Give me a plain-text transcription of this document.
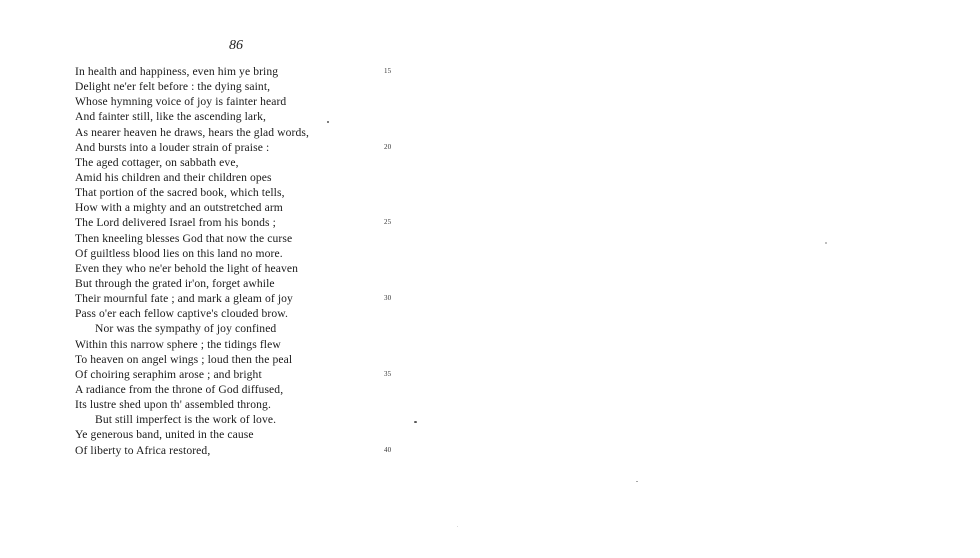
86
In health and happiness, even him ye bring	15
Delight ne'er felt before : the dying saint,
Whose hymning voice of joy is fainter heard
And fainter still, like the ascending lark,
As nearer heaven he draws, hears the glad words,
And bursts into a louder strain of praise :	20
The aged cottager, on sabbath eve,
Amid his children and their children opes
That portion of the sacred book, which tells,
How with a mighty and an outstretched arm
The Lord delivered Israel from his bonds ;	25
Then kneeling blesses God that now the curse
Of guiltless blood lies on this land no more.
Even they who ne'er behold the light of heaven
But through the grated ir'on, forget awhile
Their mournful fate ; and mark a gleam of joy	30
Pass o'er each fellow captive's clouded brow.
Nor was the sympathy of joy confined
Within this narrow sphere ; the tidings flew
To heaven on angel wings ; loud then the peal
Of choiring seraphim arose ; and bright	35
A radiance from the throne of God diffused,
Its lustre shed upon th' assembled throng.
But still imperfect is the work of love.
Ye generous band, united in the cause
Of liberty to Africa restored,	40
